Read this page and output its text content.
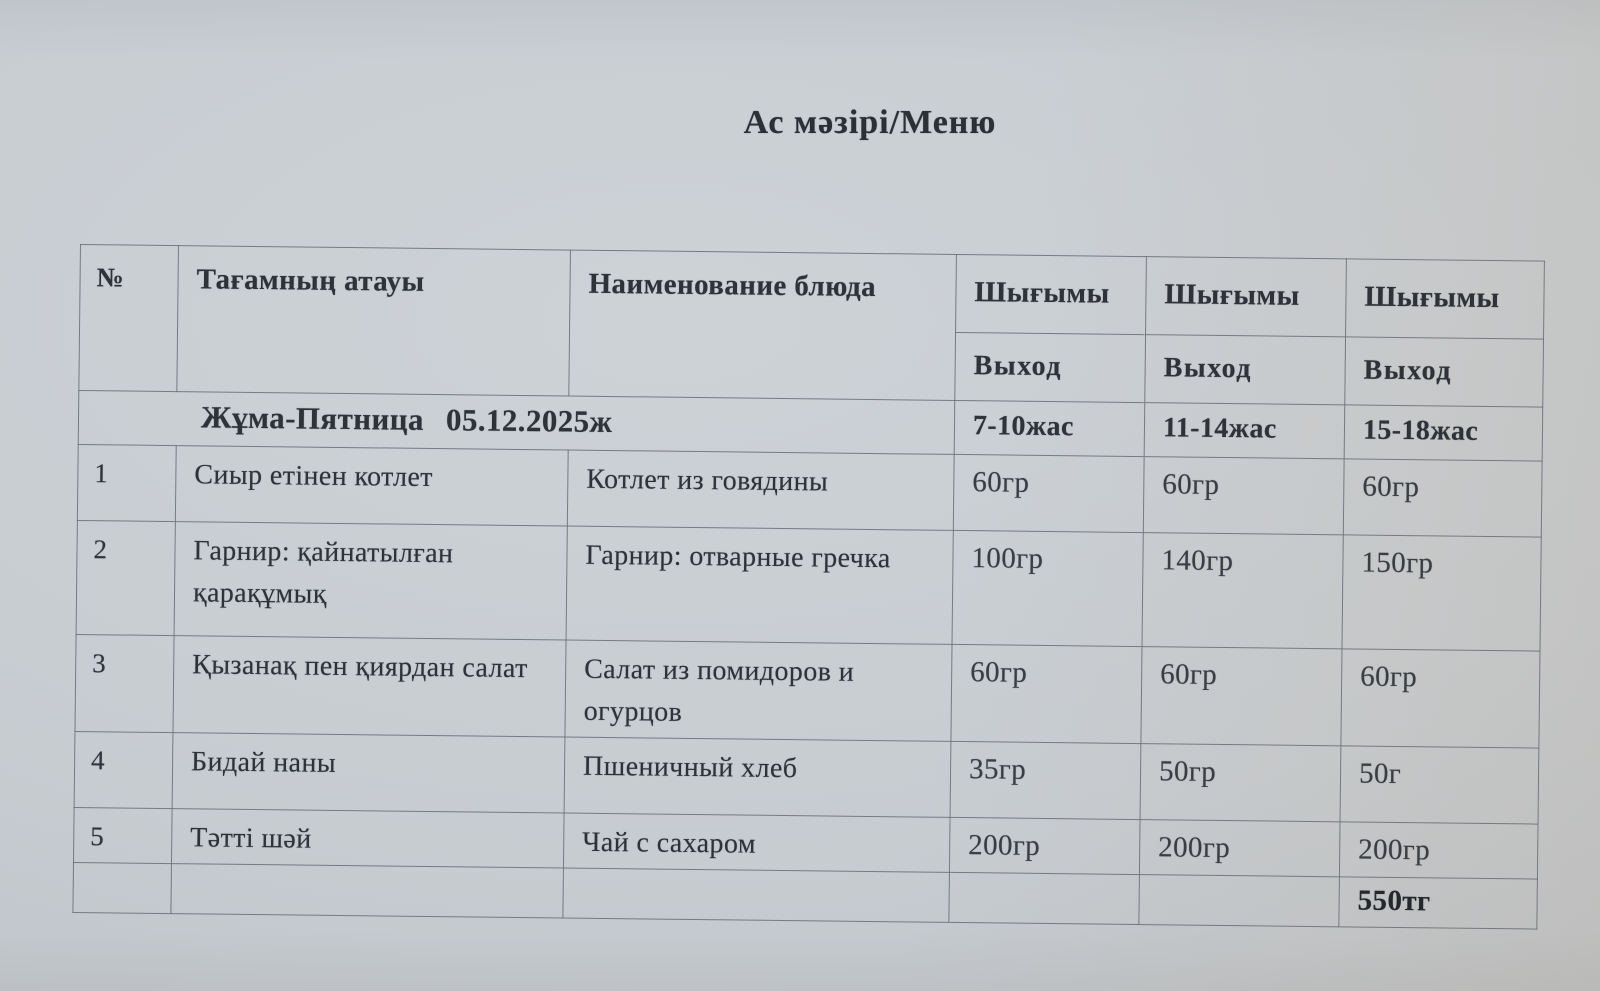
Ас мәзірі/Меню
№	Тағамның атауы	Наименование блюда	Шығымы	Шығымы	Шығымы
			Выход	Выход	Выход
Жұма-Пятница 05.12.2025ж			7-10жас	11-14жас	15-18жас
1	Сиыр етінен котлет	Котлет из говядины	60гр	60гр	60гр
2	Гарнир: қайнатылған қарақұмық	Гарнир: отварные гречка	100гр	140гр	150гр
3	Қызанақ пен қиярдан салат	Салат из помидоров и огурцов	60гр	60гр	60гр
4	Бидай наны	Пшеничный хлеб	35гр	50гр	50г
5	Тәтті шәй	Чай с сахаром	200гр	200гр	200гр
					550тг
